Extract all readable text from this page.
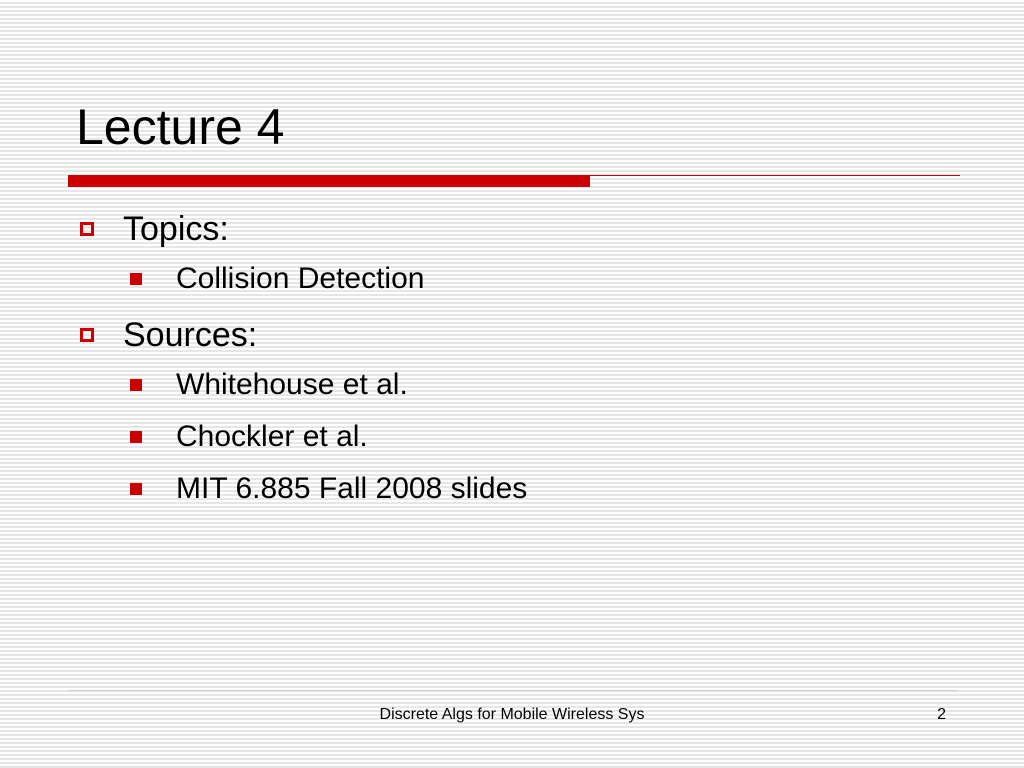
Lecture 4
Topics:
Collision Detection
Sources:
Whitehouse et al.
Chockler et al.
MIT 6.885 Fall 2008 slides
Discrete Algs for Mobile Wireless Sys	2
